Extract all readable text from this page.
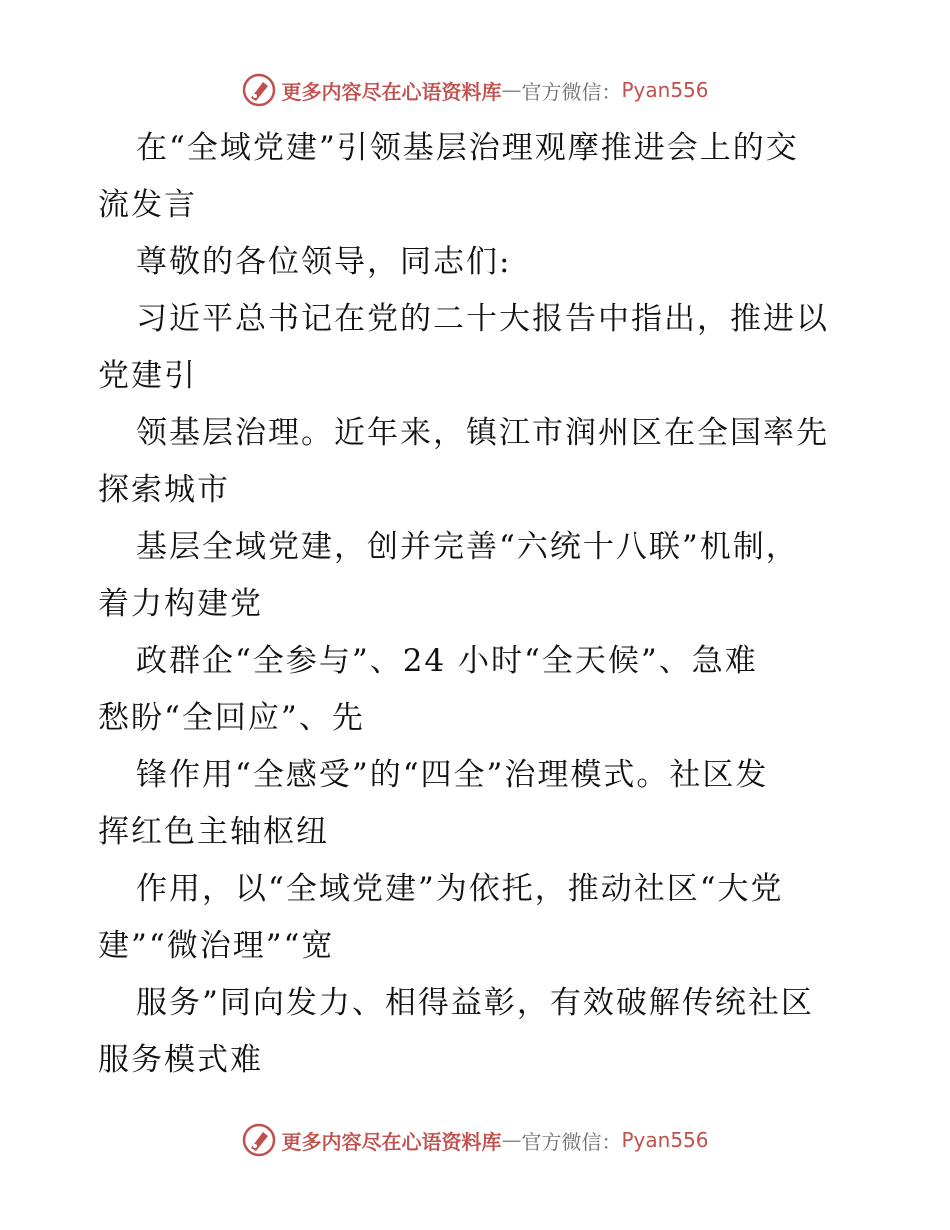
更多内容尽在心语资料库 — 官方微信： Pyan556
在“全域党建”引领基层治理观摩推进会上的交
流发言
尊敬的各位领导，同志们:
习近平总书记在党的二十大报告中指出，推进以
党建引
领基层治理。近年来，镇江市润州区在全国率先
探索城市
基层全域党建，创并完善“六统十八联”机制，
着力构建党
政群企“全参与”、24 小时“全天候”、急难
愁盼“全回应”、先
锋作用“全感受”的“四全”治理模式。社区发
挥红色主轴枢纽
作用，以“全域党建”为依托，推动社区“大党
建”“微治理”“宽
服务”同向发力、相得益彰，有效破解传统社区
服务模式难
更多内容尽在心语资料库 — 官方微信： Pyan556
